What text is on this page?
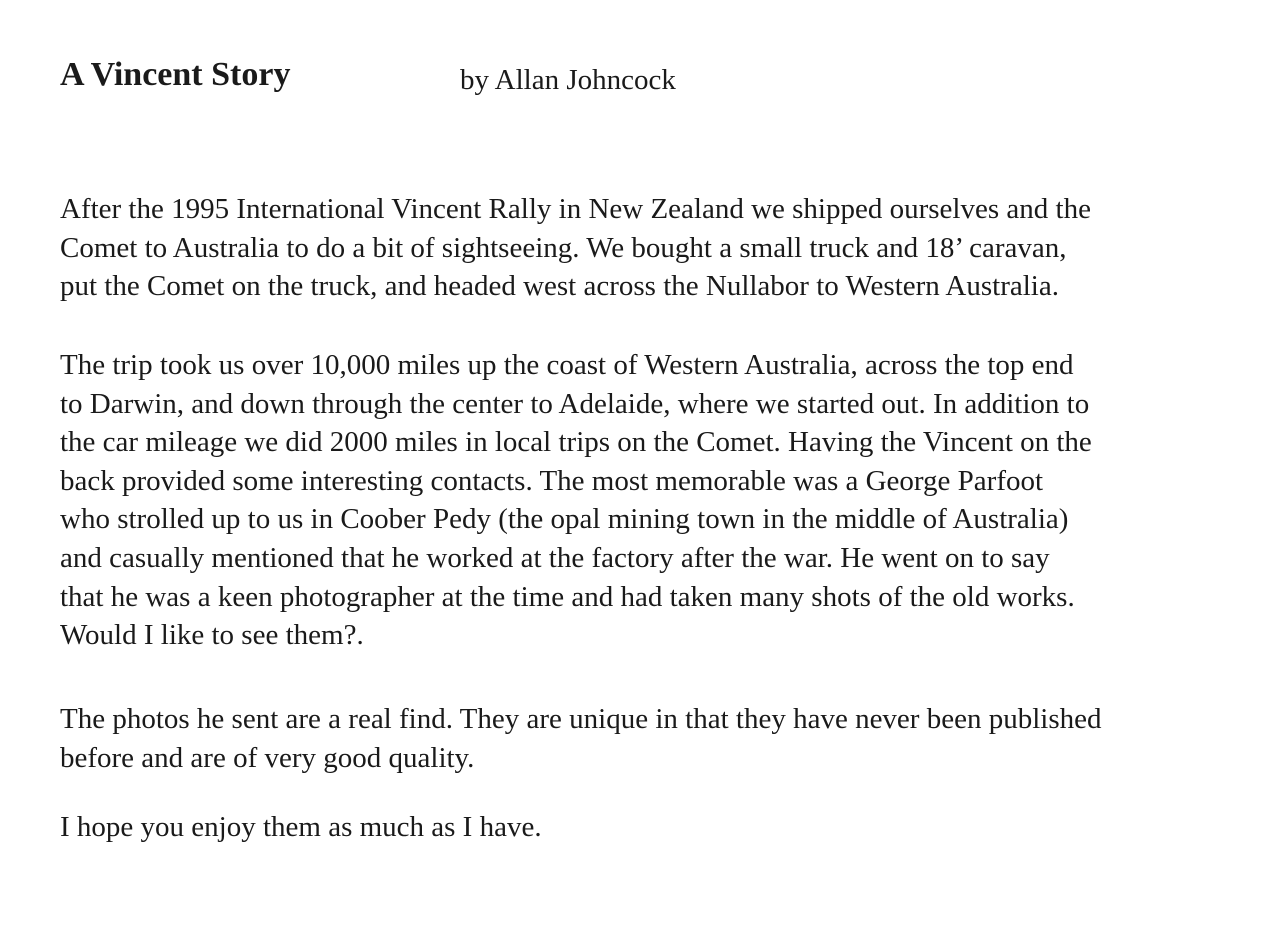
A Vincent Story	by Allan Johncock

After the 1995 International Vincent Rally in New Zealand we shipped ourselves and the
Comet to Australia to do a bit of sightseeing. We bought a small truck and 18’ caravan,
put the Comet on the truck, and headed west across the Nullabor to Western Australia.

The trip took us over 10,000 miles up the coast of Western Australia, across the top end
to Darwin, and down through the center to Adelaide, where we started out. In addition to
the car mileage we did 2000 miles in local trips on the Comet. Having the Vincent on the
back provided some interesting contacts. The most memorable was a George Parfoot
who strolled up to us in Coober Pedy (the opal mining town in the middle of Australia)
and casually mentioned that he worked at the factory after the war. He went on to say
that he was a keen photographer at the time and had taken many shots of the old works.
Would I like to see them?.

The photos he sent are a real find. They are unique in that they have never been published
before and are of very good quality.

I hope you enjoy them as much as I have.
